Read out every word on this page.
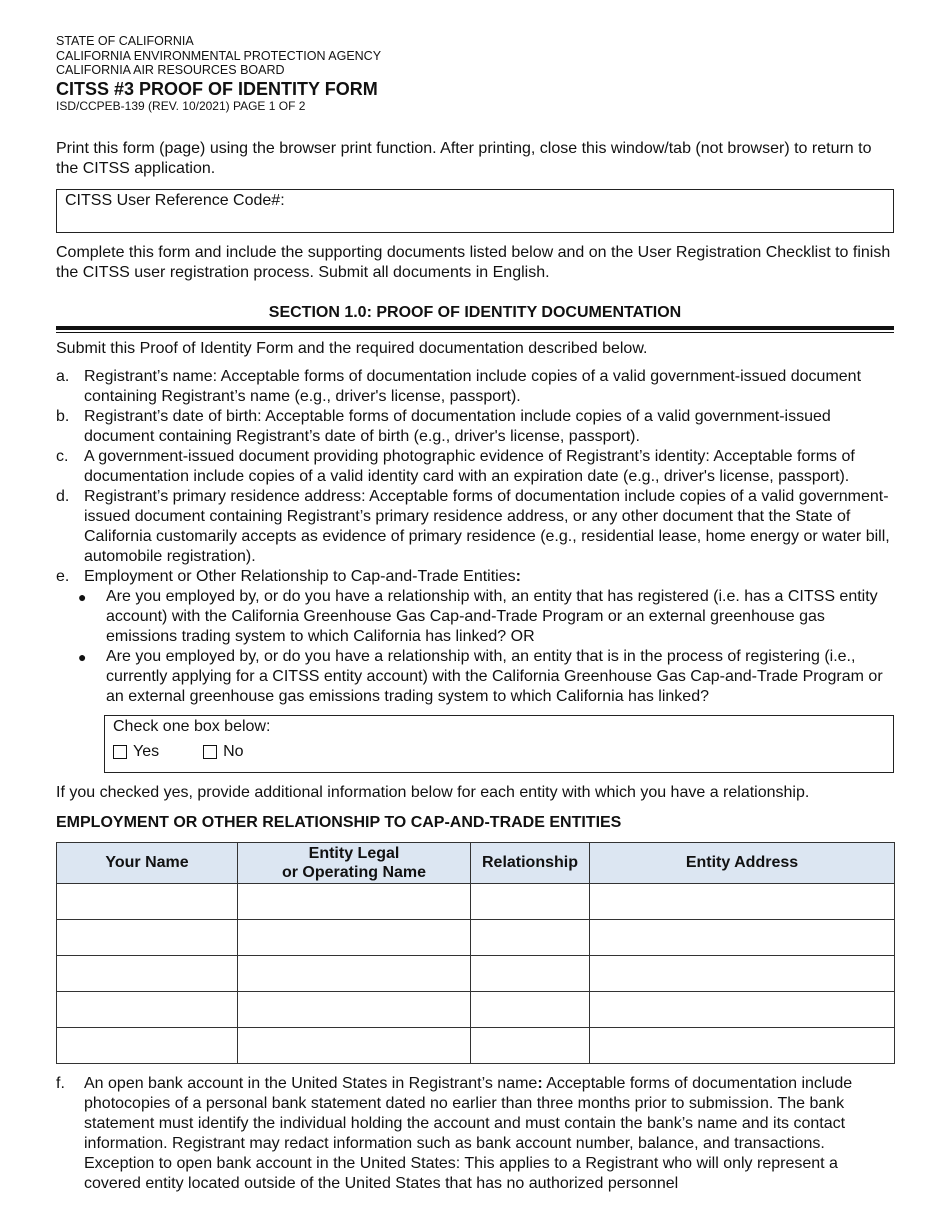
STATE OF CALIFORNIA
CALIFORNIA ENVIRONMENTAL PROTECTION AGENCY
CALIFORNIA AIR RESOURCES BOARD
CITSS #3 PROOF OF IDENTITY FORM
ISD/CCPEB-139 (REV. 10/2021) PAGE 1 OF 2

Print this form (page) using the browser print function. After printing, close this window/tab (not browser) to return to the CITSS application.

CITSS User Reference Code#:

Complete this form and include the supporting documents listed below and on the User Registration Checklist to finish the CITSS user registration process. Submit all documents in English.

SECTION 1.0: PROOF OF IDENTITY DOCUMENTATION

Submit this Proof of Identity Form and the required documentation described below.

a. Registrant’s name: Acceptable forms of documentation include copies of a valid government-issued document containing Registrant’s name (e.g., driver's license, passport).
b. Registrant’s date of birth: Acceptable forms of documentation include copies of a valid government-issued document containing Registrant’s date of birth (e.g., driver's license, passport).
c. A government-issued document providing photographic evidence of Registrant’s identity: Acceptable forms of documentation include copies of a valid identity card with an expiration date (e.g., driver's license, passport).
d. Registrant’s primary residence address: Acceptable forms of documentation include copies of a valid government-issued document containing Registrant’s primary residence address, or any other document that the State of California customarily accepts as evidence of primary residence (e.g., residential lease, home energy or water bill, automobile registration).
e. Employment or Other Relationship to Cap-and-Trade Entities:
● Are you employed by, or do you have a relationship with, an entity that has registered (i.e. has a CITSS entity account) with the California Greenhouse Gas Cap-and-Trade Program or an external greenhouse gas emissions trading system to which California has linked? OR
● Are you employed by, or do you have a relationship with, an entity that is in the process of registering (i.e., currently applying for a CITSS entity account) with the California Greenhouse Gas Cap-and-Trade Program or an external greenhouse gas emissions trading system to which California has linked?
Check one box below:
Yes	No

If you checked yes, provide additional information below for each entity with which you have a relationship.

EMPLOYMENT OR OTHER RELATIONSHIP TO CAP-AND-TRADE ENTITIES
Your Name	Entity Legal
or Operating Name	Relationship	Entity Address

f. An open bank account in the United States in Registrant’s name: Acceptable forms of documentation include photocopies of a personal bank statement dated no earlier than three months prior to submission. The bank statement must identify the individual holding the account and must contain the bank’s name and its contact information. Registrant may redact information such as bank account number, balance, and transactions. Exception to open bank account in the United States: This applies to a Registrant who will only represent a covered entity located outside of the United States that has no authorized personnel
